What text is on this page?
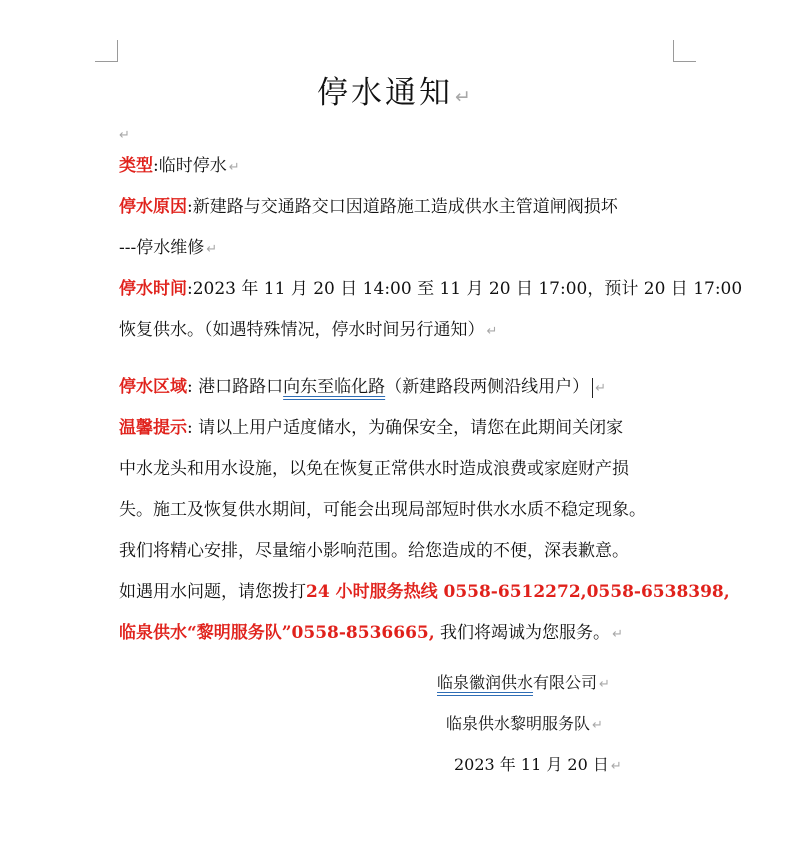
停水通知 ↵
↵
类型:临时停水 ↵
停水原因:新建路与交通路交口因道路施工造成供水主管道闸阀损坏
---停水维修 ↵
停水时间:2023 年 11 月 20 日 14:00 至 11 月 20 日 17:00，预计 20 日 17:00
恢复供水。（如遇特殊情况，停水时间另行通知） ↵
停水区域: 港口路路口向东至临化路（新建路段两侧沿线用户） ↵
温馨提示: 请以上用户适度储水，为确保安全，请您在此期间关闭家
中水龙头和用水设施，以免在恢复正常供水时造成浪费或家庭财产损
失。施工及恢复供水期间，可能会出现局部短时供水水质不稳定现象。
我们将精心安排，尽量缩小影响范围。给您造成的不便，深表歉意。
如遇用水问题，请您拨打24 小时服务热线 0558-6512272,0558-6538398,
临泉供水“黎明服务队”0558-8536665, 我们将竭诚为您服务。 ↵
临泉徽润供水有限公司 ↵
临泉供水黎明服务队 ↵
2023 年 11 月 20 日 ↵
